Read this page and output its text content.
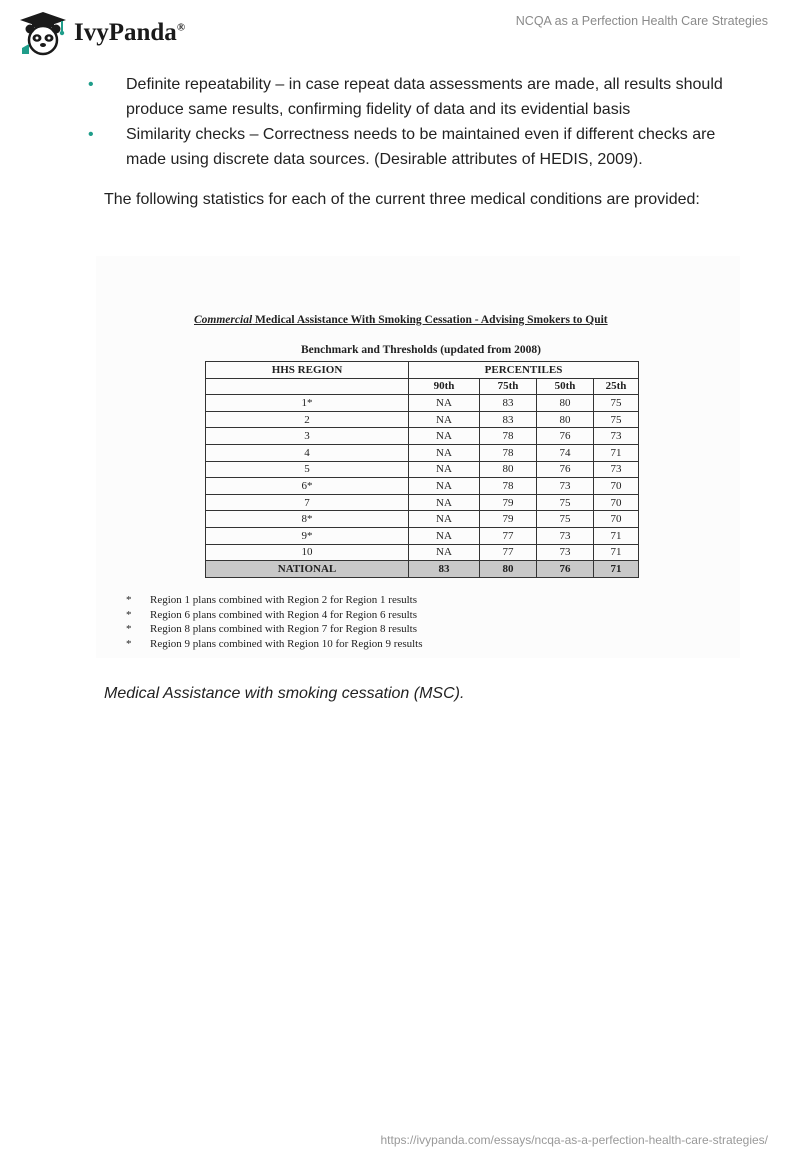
IvyPanda®	NCQA as a Perfection Health Care Strategies
• Definite repeatability – in case repeat data assessments are made, all results should produce same results, confirming fidelity of data and its evidential basis
• Similarity checks – Correctness needs to be maintained even if different checks are made using discrete data sources. (Desirable attributes of HEDIS, 2009).

The following statistics for each of the current three medical conditions are provided:

Commercial Medical Assistance With Smoking Cessation - Advising Smokers to Quit
Benchmark and Thresholds (updated from 2008)
HHS REGION	PERCENTILES			
	90th	75th	50th	25th
1*	NA	83	80	75
2	NA	83	80	75
3	NA	78	76	73
4	NA	78	74	71
5	NA	80	76	73
6*	NA	78	73	70
7	NA	79	75	70
8*	NA	79	75	70
9*	NA	77	73	71
10	NA	77	73	71
NATIONAL	83	80	76	71
*	Region 1 plans combined with Region 2 for Region 1 results
*	Region 6 plans combined with Region 4 for Region 6 results
*	Region 8 plans combined with Region 7 for Region 8 results
*	Region 9 plans combined with Region 10 for Region 9 results
Medical Assistance with smoking cessation (MSC).
https://ivypanda.com/essays/ncqa-as-a-perfection-health-care-strategies/
